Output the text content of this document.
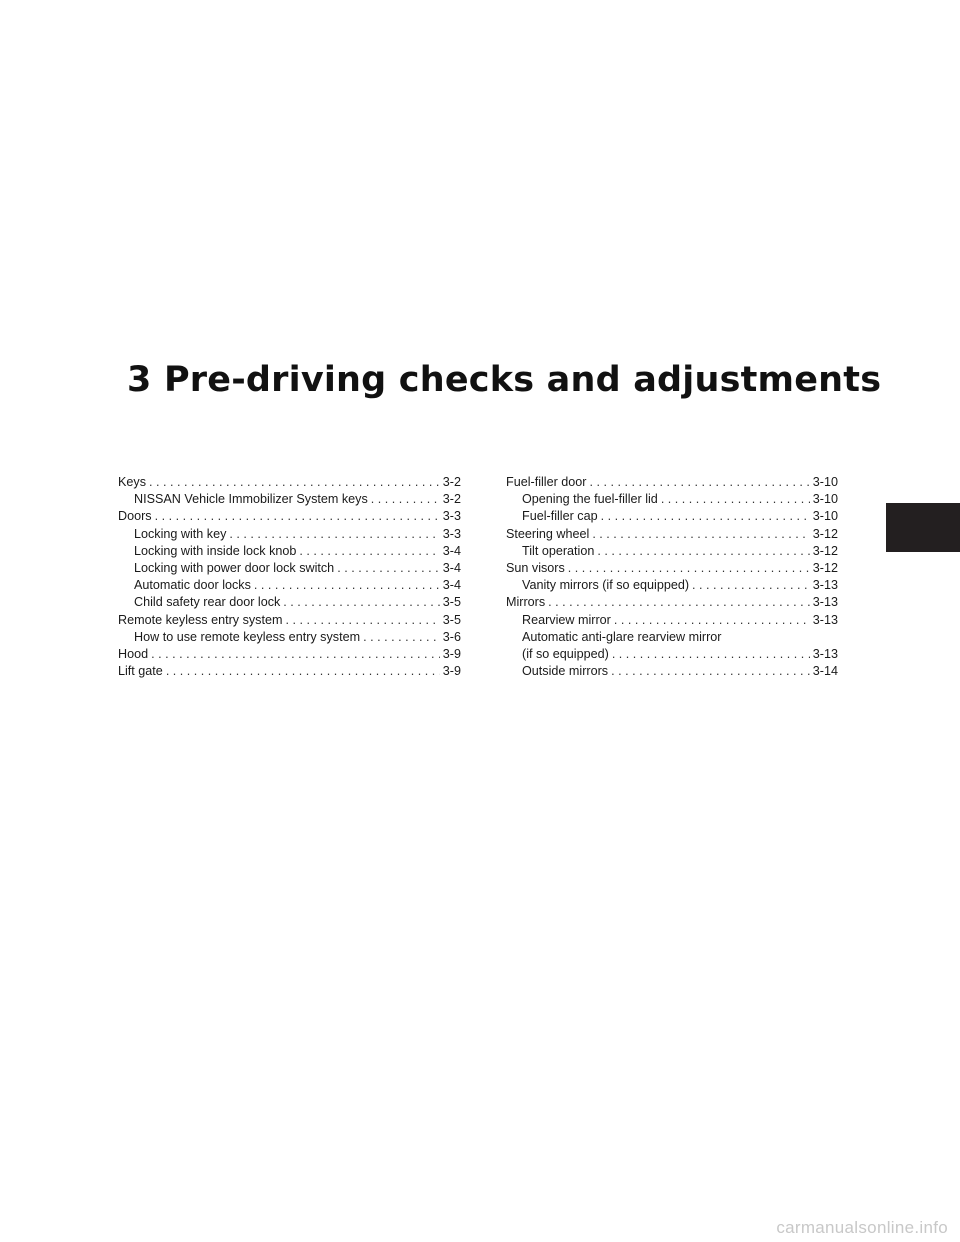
3 Pre-driving checks and adjustments
Keys . . .	3-2
NISSAN Vehicle Immobilizer System keys . . .	3-2
Doors . . .	3-3
Locking with key . . .	3-3
Locking with inside lock knob . . .	3-4
Locking with power door lock switch . . .	3-4
Automatic door locks . . .	3-4
Child safety rear door lock . . .	3-5
Remote keyless entry system . . .	3-5
How to use remote keyless entry system . . .	3-6
Hood . . .	3-9
Lift gate . . .	3-9
Fuel-filler door . . .	3-10
Opening the fuel-filler lid . . .	3-10
Fuel-filler cap . . .	3-10
Steering wheel . . .	3-12
Tilt operation . . .	3-12
Sun visors . . .	3-12
Vanity mirrors (if so equipped) . . .	3-13
Mirrors . . .	3-13
Rearview mirror . . .	3-13
Automatic anti-glare rearview mirror
(if so equipped) . . .	3-13
Outside mirrors . . .	3-14
carmanualsonline.info
